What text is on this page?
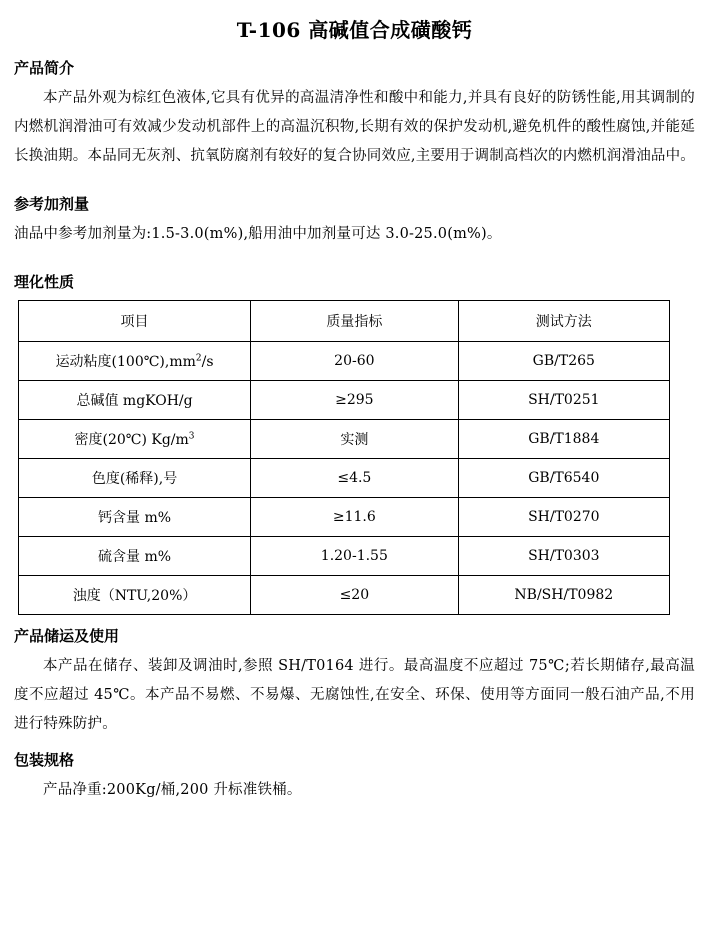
T-106 高碱值合成磺酸钙
产品简介

本产品外观为棕红色液体,它具有优异的高温清净性和酸中和能力,并具有良好的防锈性能,用其调制的内燃机润滑油可有效减少发动机部件上的高温沉积物,长期有效的保护发动机,避免机件的酸性腐蚀,并能延长换油期。本品同无灰剂、抗氧防腐剂有较好的复合协同效应,主要用于调制高档次的内燃机润滑油品中。

参考加剂量

油品中参考加剂量为:1.5-3.0(m%),船用油中加剂量可达 3.0-25.0(m%)。

理化性质
项目	质量指标	测试方法
运动粘度$(100℃),mm^2/s$	20-60	GB/T265
总碱值 mgKOH/g	≥295	SH/T0251
密度(20℃) $Kg/m^3$	实测	GB/T1884
色度(稀释),号	≤4.5	GB/T6540
钙含量 m%	≥11.6	SH/T0270
硫含量 m%	1.20-1.55	SH/T0303
浊度（NTU,20%）	≤20	NB/SH/T0982
产品储运及使用

本产品在储存、装卸及调油时,参照 SH/T0164 进行。最高温度不应超过 75℃;若长期储存,最高温度不应超过 45℃。本产品不易燃、不易爆、无腐蚀性,在安全、环保、使用等方面同一般石油产品,不用进行特殊防护。

包装规格

产品净重:200Kg/桶,200 升标准铁桶。
